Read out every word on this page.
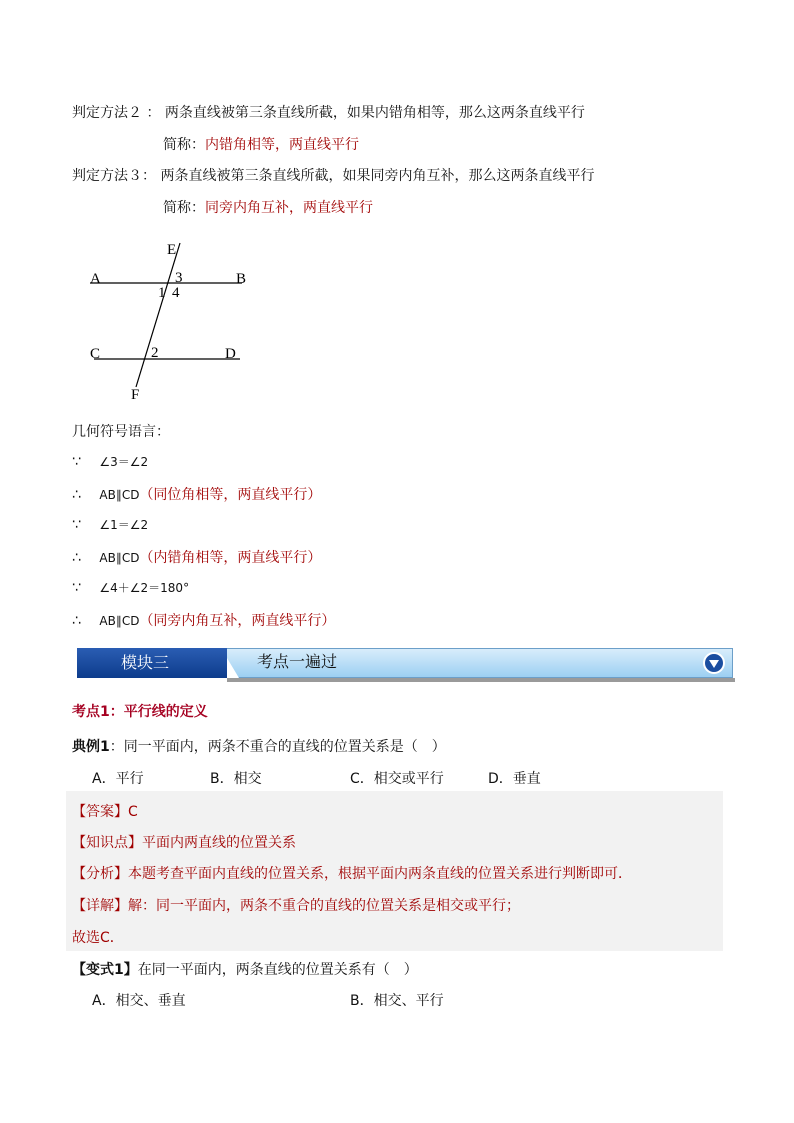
判定方法２ ： 两条直线被第三条直线所截，如果内错角相等，那么这两条直线平行
简称：内错角相等，两直线平行
判定方法３： 两条直线被第三条直线所截，如果同旁内角互补，那么这两条直线平行
简称：同旁内角互补，两直线平行
A	B
C	D
E
F
3
1 4
2
几何符号语言：
∵ ∠3＝∠2
∴ AB∥CD（同位角相等，两直线平行）
∵ ∠1＝∠2
∴ AB∥CD（内错角相等，两直线平行）
∵ ∠4＋∠2＝180°
∴ AB∥CD（同旁内角互补，两直线平行）
模块三	考点一遍过
考点1：平行线的定义
典例1：同一平面内，两条不重合的直线的位置关系是（　）
A．平行	B．相交	C．相交或平行	D．垂直
【答案】C
【知识点】平面内两直线的位置关系
【分析】本题考查平面内直线的位置关系，根据平面内两条直线的位置关系进行判断即可．
【详解】解：同一平面内，两条不重合的直线的位置关系是相交或平行；
故选C．
【变式1】在同一平面内，两条直线的位置关系有（　）
A．相交、垂直	B．相交、平行
